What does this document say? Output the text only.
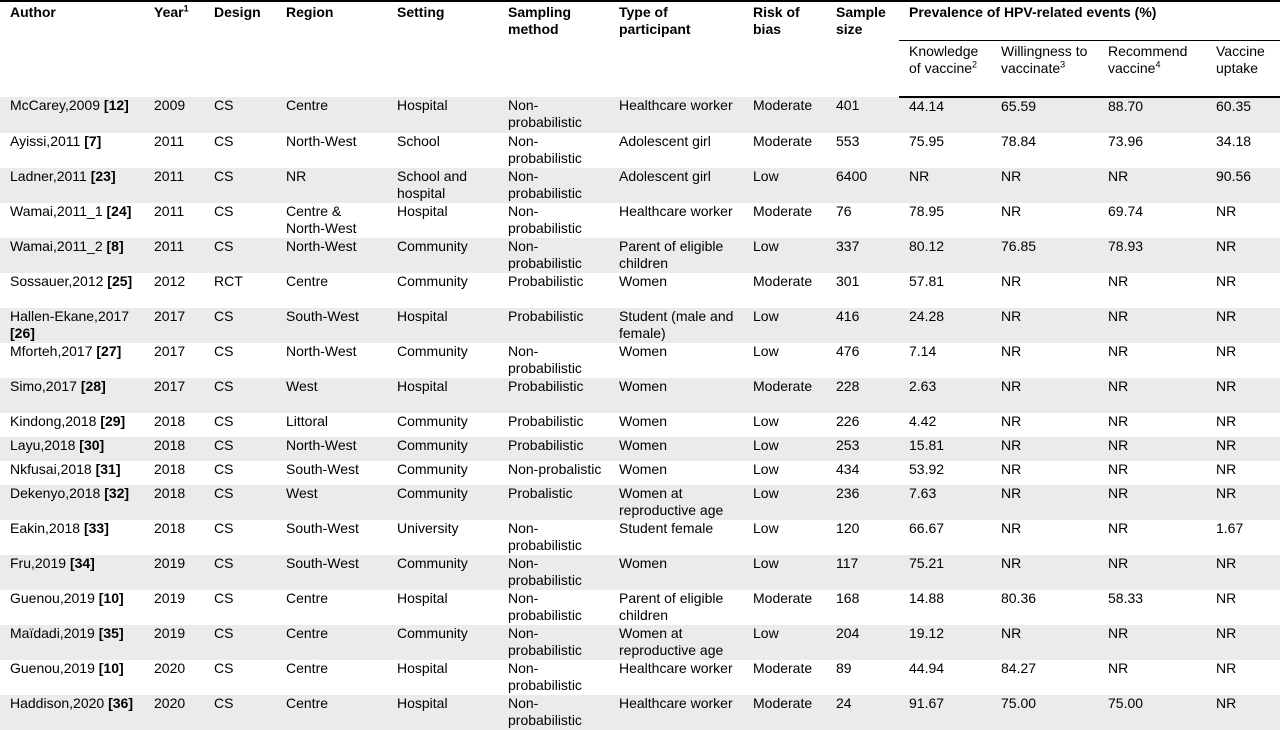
Author	Year$^1$	Design	Region	Setting	Sampling method	Type of participant	Risk of bias	Sample size	Prevalence of HPV-related events (%)			
									Knowledge of vaccine$^2$	Willingness to vaccinate$^3$	Recommend vaccine$^4$	Vaccine uptake
McCarey,2009 [12]	2009	CS	Centre	Hospital	Non-probabilistic	Healthcare worker	Moderate	401	44.14	65.59	88.70	60.35
Ayissi,2011 [7]	2011	CS	North-West	School	Non-probabilistic	Adolescent girl	Moderate	553	75.95	78.84	73.96	34.18
Ladner,2011 [23]	2011	CS	NR	School and hospital	Non-probabilistic	Adolescent girl	Low	6400	NR	NR	NR	90.56
Wamai,2011_1 [24]	2011	CS	Centre & North-West	Hospital	Non-probabilistic	Healthcare worker	Moderate	76	78.95	NR	69.74	NR
Wamai,2011_2 [8]	2011	CS	North-West	Community	Non-probabilistic	Parent of eligible children	Low	337	80.12	76.85	78.93	NR
Sossauer,2012 [25]	2012	RCT	Centre	Community	Probabilistic	Women	Moderate	301	57.81	NR	NR	NR
Hallen-Ekane,2017 [26]	2017	CS	South-West	Hospital	Probabilistic	Student (male and female)	Low	416	24.28	NR	NR	NR
Mforteh,2017 [27]	2017	CS	North-West	Community	Non-probabilistic	Women	Low	476	7.14	NR	NR	NR
Simo,2017 [28]	2017	CS	West	Hospital	Probabilistic	Women	Moderate	228	2.63	NR	NR	NR
Kindong,2018 [29]	2018	CS	Littoral	Community	Probabilistic	Women	Low	226	4.42	NR	NR	NR
Layu,2018 [30]	2018	CS	North-West	Community	Probabilistic	Women	Low	253	15.81	NR	NR	NR
Nkfusai,2018 [31]	2018	CS	South-West	Community	Non-probalistic	Women	Low	434	53.92	NR	NR	NR
Dekenyo,2018 [32]	2018	CS	West	Community	Probalistic	Women at reproductive age	Low	236	7.63	NR	NR	NR
Eakin,2018 [33]	2018	CS	South-West	University	Non-probabilistic	Student female	Low	120	66.67	NR	NR	1.67
Fru,2019 [34]	2019	CS	South-West	Community	Non-probabilistic	Women	Low	117	75.21	NR	NR	NR
Guenou,2019 [10]	2019	CS	Centre	Hospital	Non-probabilistic	Parent of eligible children	Moderate	168	14.88	80.36	58.33	NR
Maïdadi,2019 [35]	2019	CS	Centre	Community	Non-probabilistic	Women at reproductive age	Low	204	19.12	NR	NR	NR
Guenou,2019 [10]	2020	CS	Centre	Hospital	Non-probabilistic	Healthcare worker	Moderate	89	44.94	84.27	NR	NR
Haddison,2020 [36]	2020	CS	Centre	Hospital	Non-probabilistic	Healthcare worker	Moderate	24	91.67	75.00	75.00	NR
